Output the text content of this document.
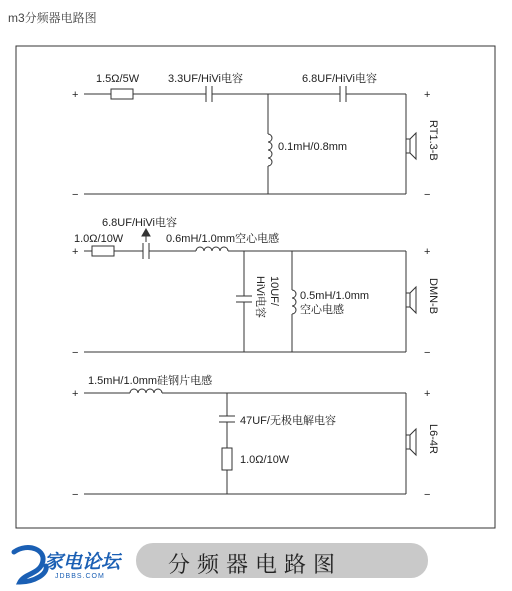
m3分频器电路图
+
−
+
−
1.5Ω/5W	3.3UF/HiVi电容	6.8UF/HiVi电容
0.1mH/0.8mm	RT1.3-B
+
−
+
−
6.8UF/HiVi电容
1.0Ω/10W	0.6mH/1.0mm空心电感
10UF/
HiVi电容	0.5mH/1.0mm
空心电感	DMN-B
+
−
+
−
1.5mH/1.0mm硅钢片电感
47UF/无极电解电容
1.0Ω/10W
L6-4R
家电论坛
JDBBS.COM	分频器电路图
